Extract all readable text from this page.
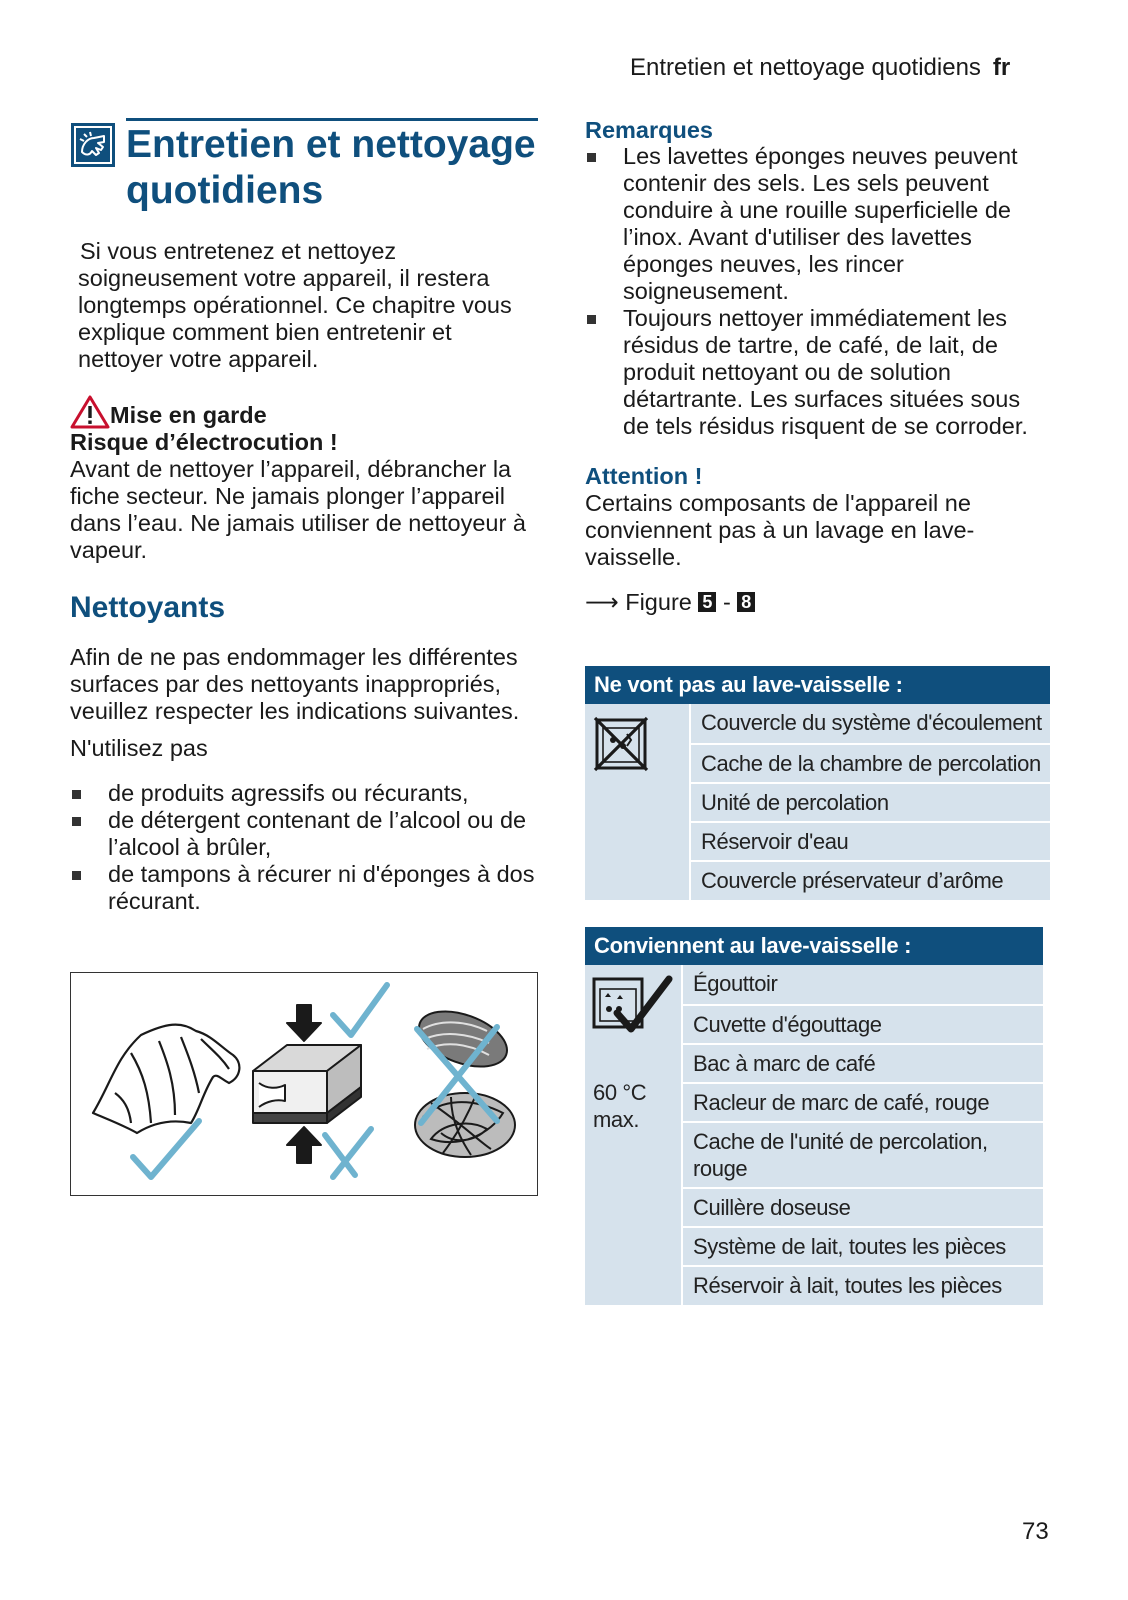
Entretien et nettoyage quotidiens fr
Entretien et nettoyage quotidiens

Si vous entretenez et nettoyez soigneusement votre appareil, il restera longtemps opérationnel. Ce chapitre vous explique comment bien entretenir et nettoyer votre appareil.

Mise en garde
Risque d’électrocution !

Avant de nettoyer l’appareil, débrancher la fiche secteur. Ne jamais plonger l’appareil dans l’eau. Ne jamais utiliser de nettoyeur à vapeur.

Nettoyants

Afin de ne pas endommager les différentes surfaces par des nettoyants inappropriés, veuillez respecter les indications suivantes.

N'utilisez pas

de produits agressifs ou récurants,
de détergent contenant de l’alcool ou de l’alcool à brûler,
de tampons à récurer ni d'éponges à dos récurant.
Remarques
Les lavettes éponges neuves peuvent contenir des sels. Les sels peuvent conduire à une rouille superficielle de l’inox. Avant d'utiliser des lavettes éponges neuves, les rincer soigneusement.
Toujours nettoyer immédiatement les résidus de tartre, de café, de lait, de produit nettoyant ou de solution détartrante. Les surfaces situées sous de tels résidus risquent de se corroder.
Attention !

Certains composants de l'appareil ne conviennent pas à un lavage en lave-vaisselle.

⟶ Figure 5 - 8

Ne vont pas au lave-vaisselle :
Couvercle du système d'écoulement
Cache de la chambre de percolation
Unité de percolation
Réservoir d'eau
Couvercle préservateur d’arôme
Conviennent au lave-vaisselle :
60 °C
max.
Égouttoir
Cuvette d'égouttage
Bac à marc de café
Racleur de marc de café, rouge
Cache de l'unité de percolation, rouge
Cuillère doseuse
Système de lait, toutes les pièces
Réservoir à lait, toutes les pièces
73
